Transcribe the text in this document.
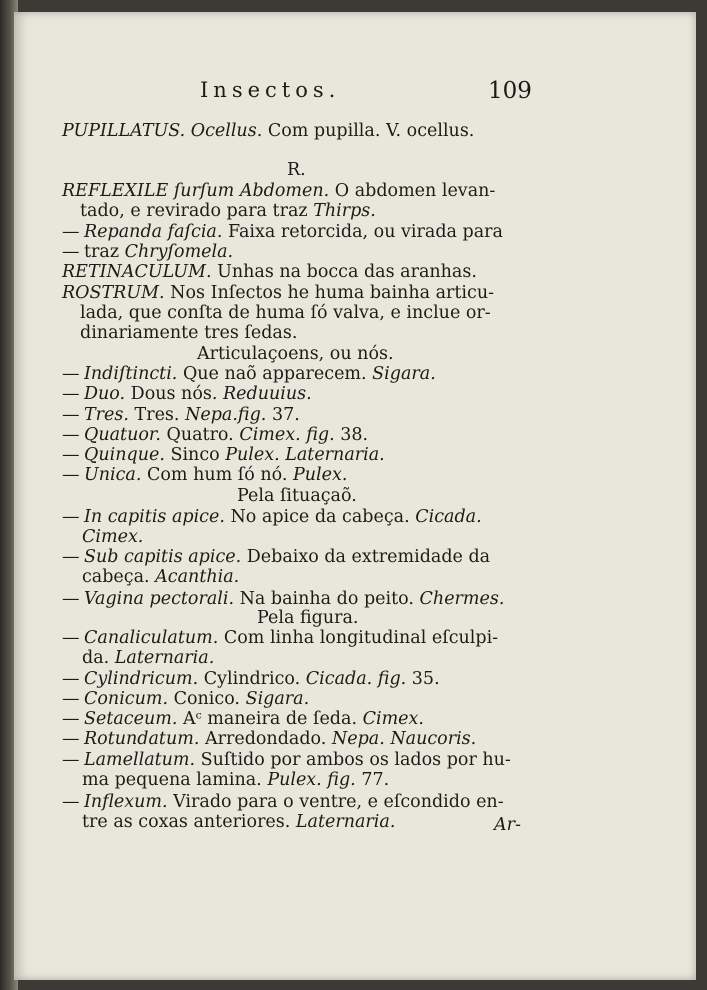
Insectos.	109
PUPILLATUS. Ocellus. Com pupilla. V. ocellus.
R.
REFLEXILE ſurſum Abdomen. O abdomen levan-
tado, e revirado para traz Thirps.
— Repanda faſcia. Faixa retorcida, ou virada para
— traz Chryſomela.
RETINACULUM. Unhas na bocca das aranhas.
ROSTRUM. Nos Inſectos he huma bainha articu-
lada, que conſta de huma ſó valva, e inclue or-
dinariamente tres ſedas.
Articulaçoens, ou nós.
— Indiſtincti. Que naõ apparecem. Sigara.
— Duo. Dous nós. Reduuius.
— Tres. Tres. Nepa.fig. 37.
— Quatuor. Quatro. Cimex. fig. 38.
— Quinque. Sinco Pulex. Laternaria.
— Unica. Com hum ſó nó. Pulex.
Pela ſituaçaõ.
— In capitis apice. No apice da cabeça. Cicada.
Cimex.
— Sub capitis apice. Debaixo da extremidade da
cabeça. Acanthia.
— Vagina pectorali. Na bainha do peito. Chermes.
Pela figura.
— Canaliculatum. Com linha longitudinal eſculpi-
da. Laternaria.
— Cylindricum. Cylindrico. Cicada. fig. 35.
— Conicum. Conico. Sigara.
— Setaceum. Aᶜ maneira de ſeda. Cimex.
— Rotundatum. Arredondado. Nepa. Naucoris.
— Lamellatum. Suſtido por ambos os lados por hu-
ma pequena lamina. Pulex. fig. 77.
— Inflexum. Virado para o ventre, e eſcondido en-
tre as coxas anteriores. Laternaria.	Ar-
